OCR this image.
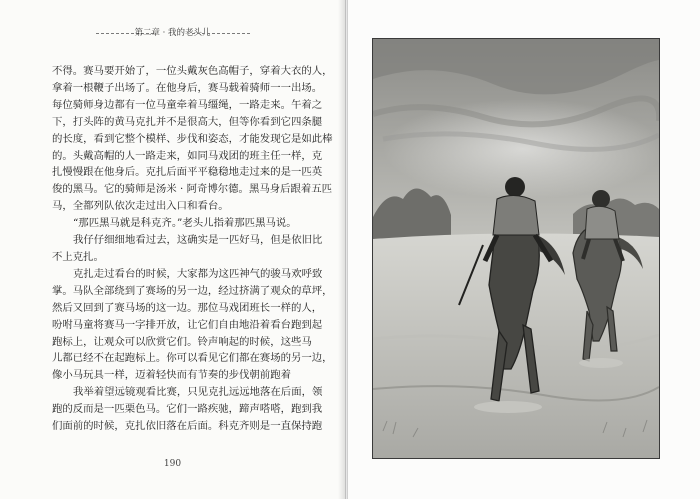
第二章 · 我的老头儿
不得。赛马要开始了，一位头戴灰色高帽子，穿着大衣的人，
拿着一根鞭子出场了。在他身后，赛马载着骑师一一出场。
每位骑师身边都有一位马童牵着马缰绳，一路走来。午着之
下，打头阵的黄马克扎并不是很高大，但等你看到它四条腿
的长度，看到它整个模样、步伐和姿态，才能发现它是如此棒
的。头戴高帽的人一路走来，如同马戏团的班主任一样，克
扎慢慢跟在他身后。克扎后面平平稳稳地走过来的是一匹英
俊的黑马。它的骑师是汤米 · 阿奇博尔德。黑马身后跟着五匹
马，全都列队依次走过出入口和看台。
“那匹黑马就是科克齐。”老头儿指着那匹黑马说。
我仔仔细细地看过去，这确实是一匹好马，但是依旧比
不上克扎。
克扎走过看台的时候，大家都为这匹神气的骏马欢呼致
掌。马队全部绕到了赛场的另一边，经过挤满了观众的草坪，
然后又回到了赛马场的这一边。那位马戏团班长一样的人，
吩咐马童将赛马一字排开放，让它们自由地沿着看台跑到起
跑标上，让观众可以欣赏它们。铃声响起的时候，这些马
儿都已经不在起跑标上。你可以看见它们都在赛场的另一边，
像小马玩具一样，迈着轻快而有节奏的步伐朝前跑着
我举着望远镜观看比赛，只见克扎远远地落在后面，领
跑的反而是一匹栗色马。它们一路疾驰，蹄声嗒嗒，跑到我
们面前的时候，克扎依旧落在后面。科克齐则是一直保持跑
190
